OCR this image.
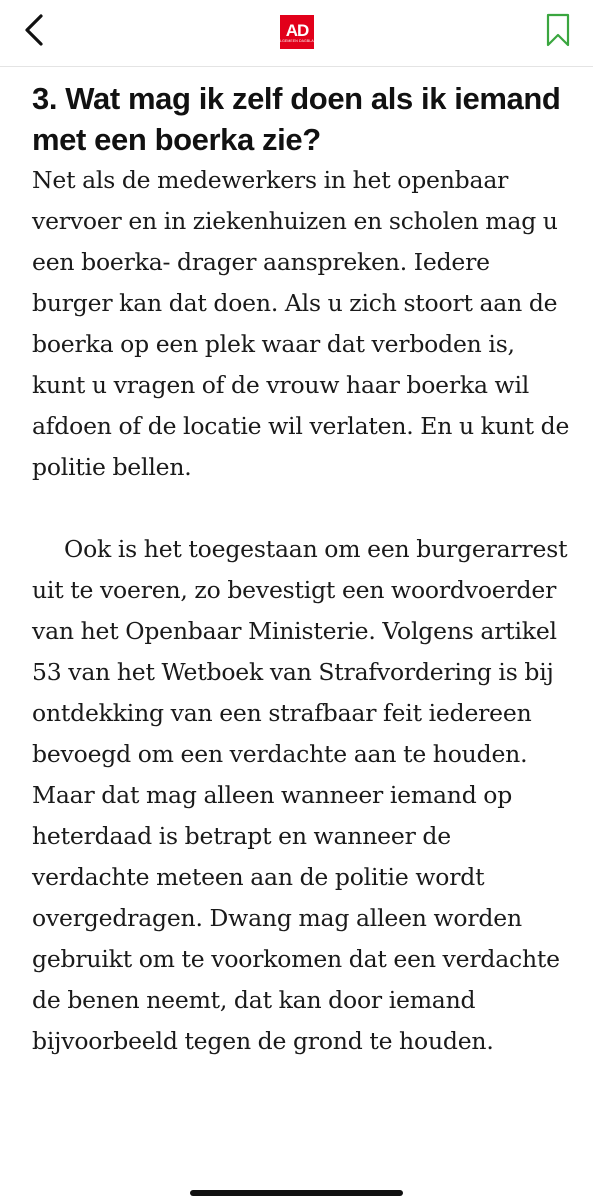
AD
ALGEMEEN DAGBLAD
3. Wat mag ik zelf doen als ik iemand met een boerka zie?

Net als de medewerkers in het openbaar vervoer en in ziekenhuizen en scholen mag u een boerka- drager aanspreken. Iedere burger kan dat doen. Als u zich stoort aan de boerka op een plek waar dat verboden is, kunt u vragen of de vrouw haar boerka wil afdoen of de locatie wil verlaten. En u kunt de politie bellen.

Ook is het toegestaan om een burgerarrest uit te voeren, zo bevestigt een woordvoerder van het Openbaar Ministerie. Volgens artikel 53 van het Wetboek van Strafvordering is bij ontdekking van een strafbaar feit iedereen bevoegd om een verdachte aan te houden. Maar dat mag alleen wanneer iemand op heterdaad is betrapt en wanneer de verdachte meteen aan de politie wordt overgedragen. Dwang mag alleen worden gebruikt om te voorkomen dat een verdachte de benen neemt, dat kan door iemand bijvoorbeeld tegen de grond te houden.
